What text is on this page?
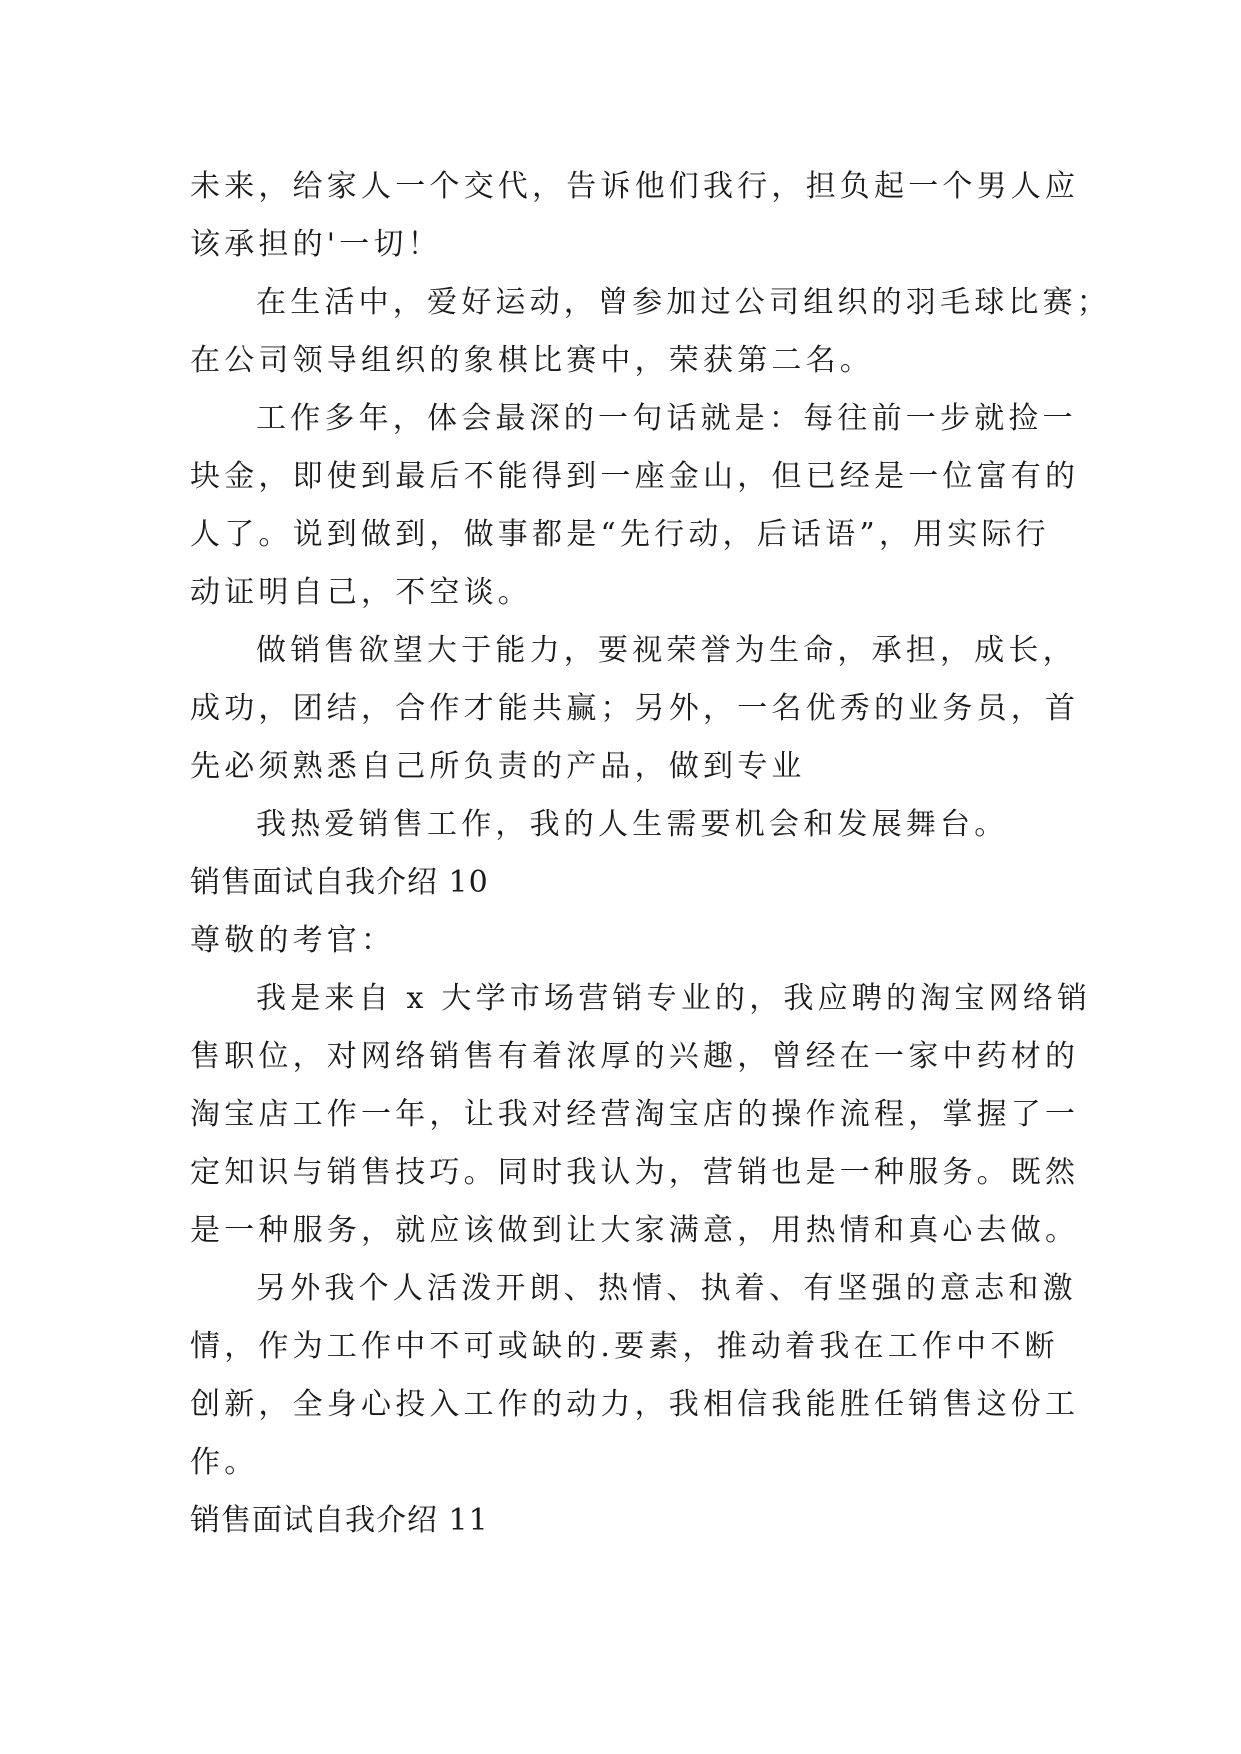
未来，给家人一个交代，告诉他们我行，担负起一个男人应
该承担的'一切！
在生活中，爱好运动，曾参加过公司组织的羽毛球比赛；
在公司领导组织的象棋比赛中，荣获第二名。
工作多年，体会最深的一句话就是：每往前一步就捡一
块金，即使到最后不能得到一座金山，但已经是一位富有的
人了。说到做到，做事都是“先行动，后话语”，用实际行
动证明自己，不空谈。
做销售欲望大于能力，要视荣誉为生命，承担，成长，
成功，团结，合作才能共赢；另外，一名优秀的业务员，首
先必须熟悉自己所负责的产品，做到专业
我热爱销售工作，我的人生需要机会和发展舞台。
销售面试自我介绍 10
尊敬的考官：
我是来自 x 大学市场营销专业的，我应聘的淘宝网络销
售职位，对网络销售有着浓厚的兴趣，曾经在一家中药材的
淘宝店工作一年，让我对经营淘宝店的操作流程，掌握了一
定知识与销售技巧。同时我认为，营销也是一种服务。既然
是一种服务，就应该做到让大家满意，用热情和真心去做。
另外我个人活泼开朗、热情、执着、有坚强的意志和激
情，作为工作中不可或缺的.要素，推动着我在工作中不断
创新，全身心投入工作的动力，我相信我能胜任销售这份工
作。
销售面试自我介绍 11
